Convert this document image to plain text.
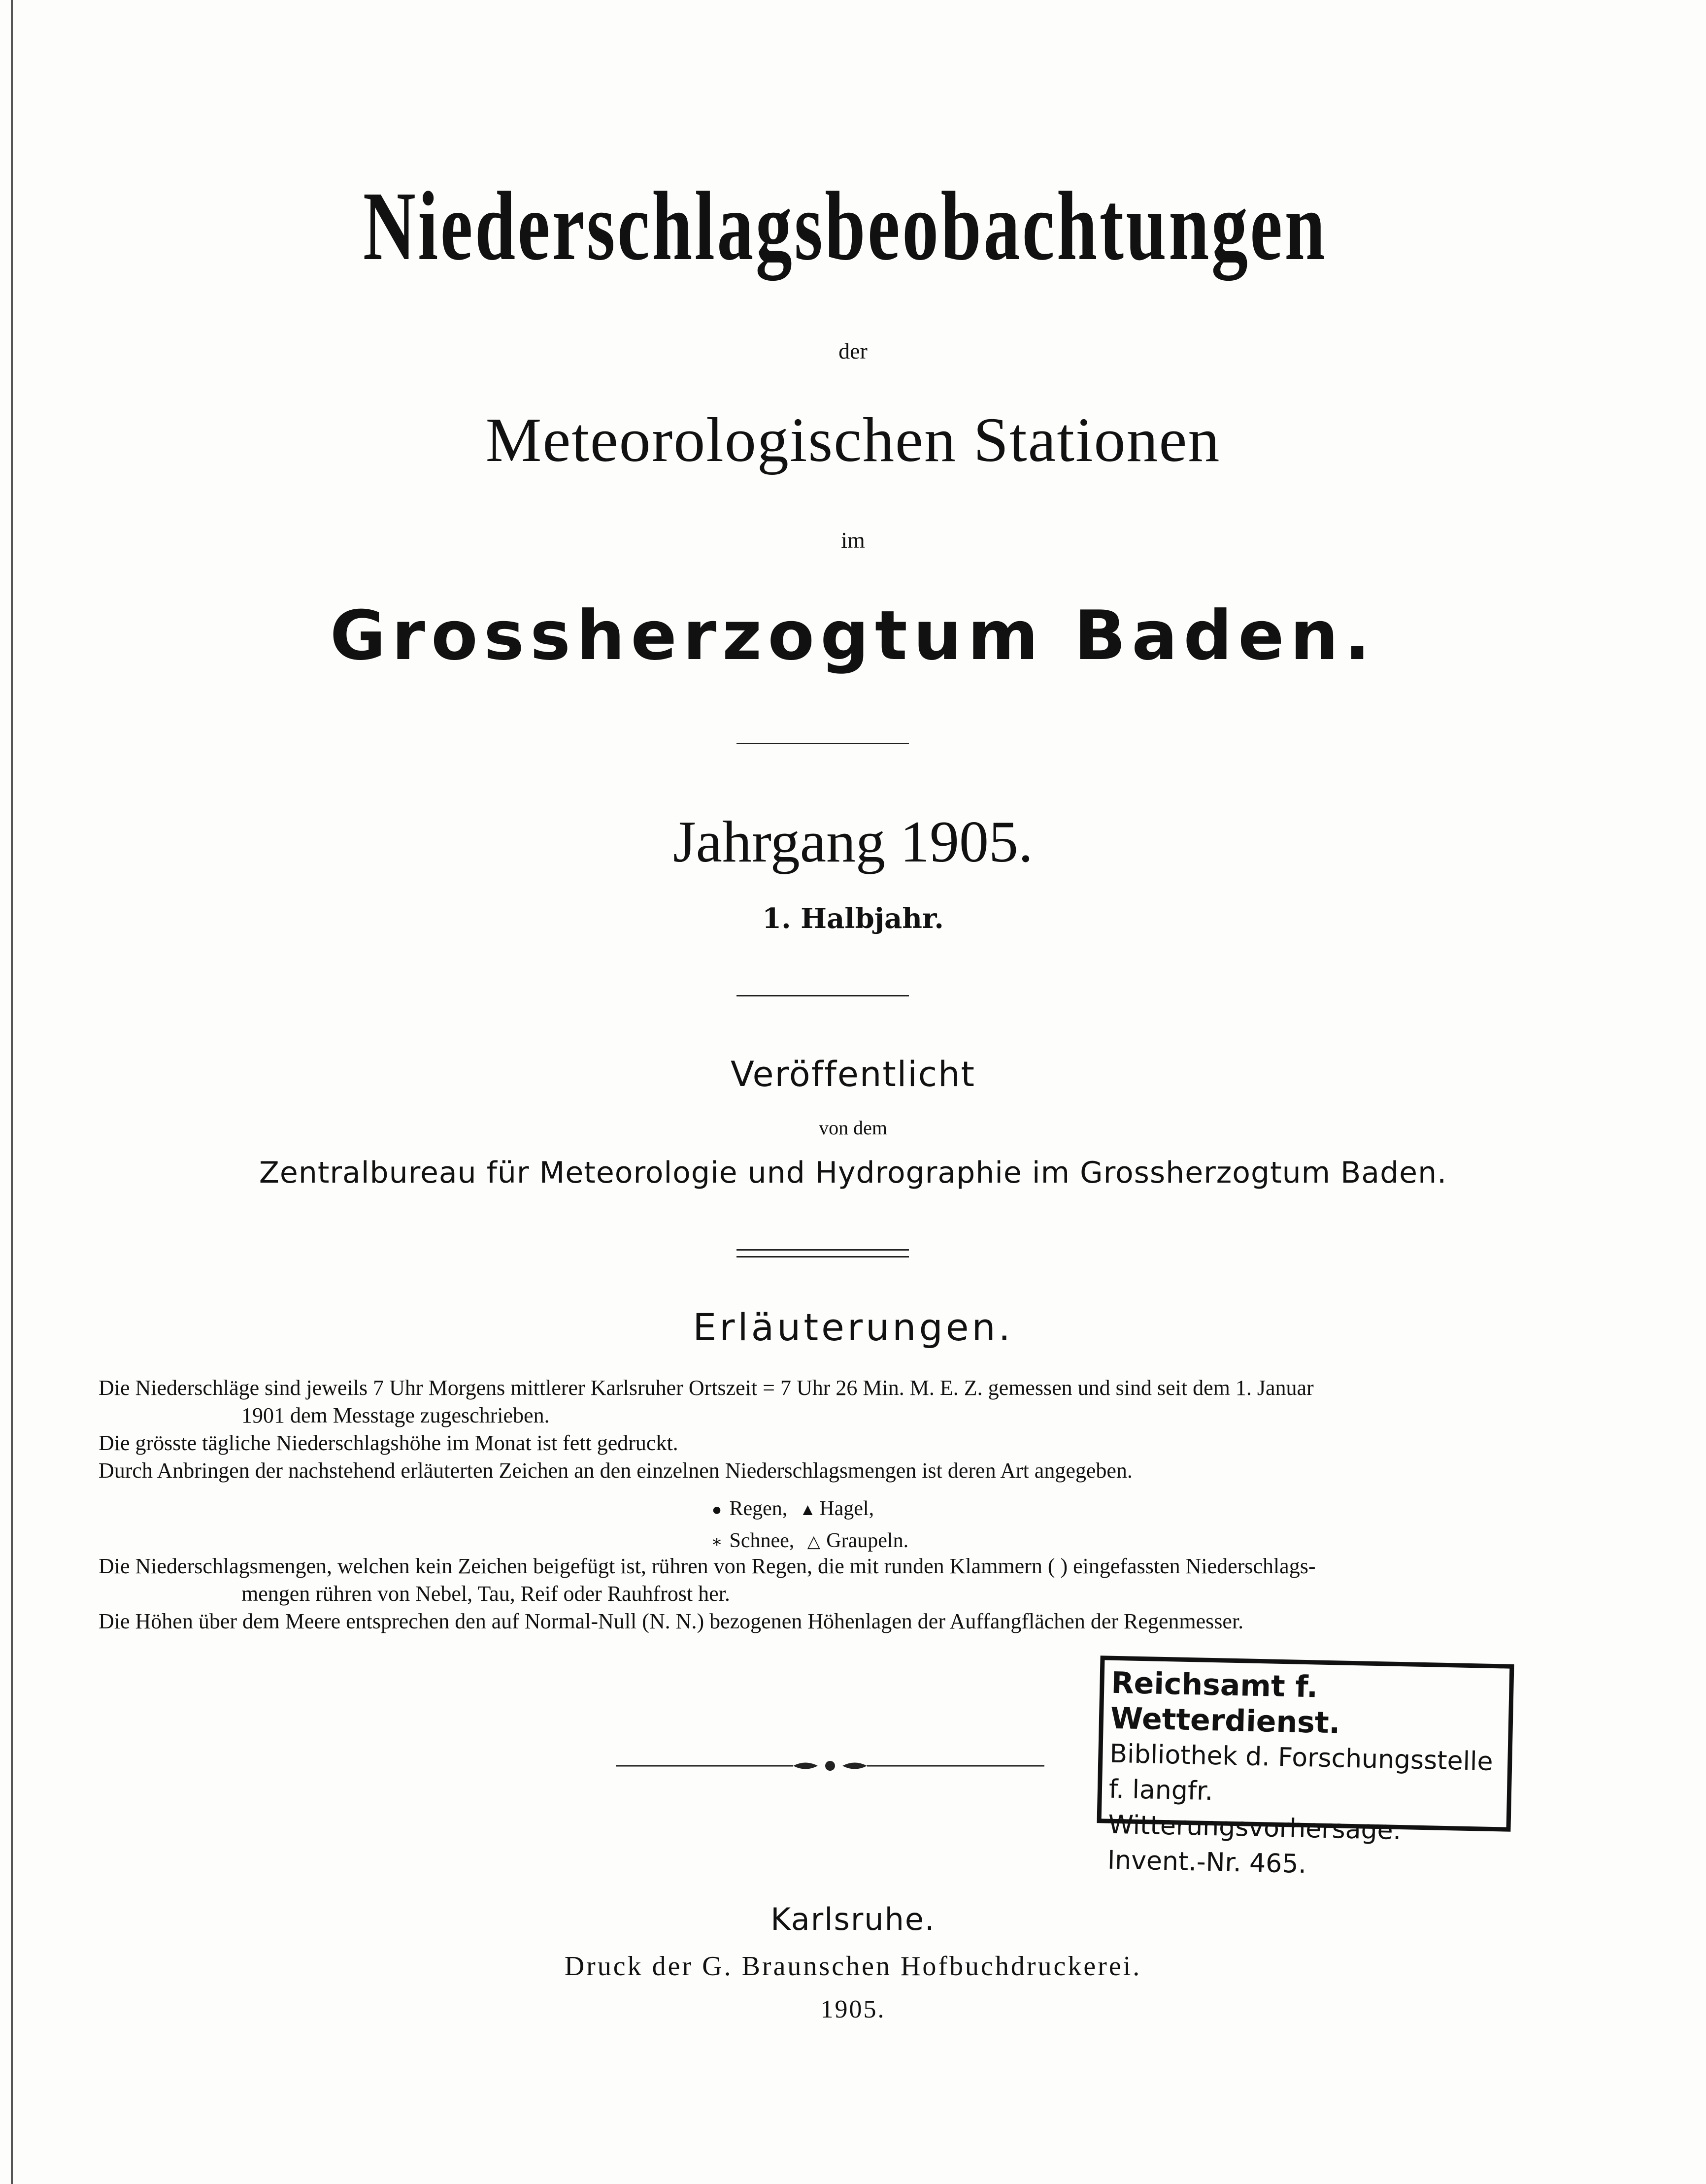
Niederschlagsbeobachtungen
der
Meteorologischen Stationen
im
Grossherzogtum Baden.
Jahrgang 1905.
1. Halbjahr.
Veröffentlicht
von dem
Zentralbureau für Meteorologie und Hydrographie im Grossherzogtum Baden.
Erläuterungen.

Die Niederschläge sind jeweils 7 Uhr Morgens mittlerer Karlsruher Ortszeit = 7 Uhr 26 Min. M. E. Z. gemessen und sind seit dem 1. Januar

1901 dem Messtage zugeschrieben.

Die grösste tägliche Niederschlagshöhe im Monat ist fett gedruckt.

Durch Anbringen der nachstehend erläuterten Zeichen an den einzelnen Niederschlagsmengen ist deren Art angegeben.

● Regen, ▲ Hagel,
∗ Schnee, △ Graupeln.

Die Niederschlagsmengen, welchen kein Zeichen beigefügt ist, rühren von Regen, die mit runden Klammern ( ) eingefassten Niederschlags-

mengen rühren von Nebel, Tau, Reif oder Rauhfrost her.

Die Höhen über dem Meere entsprechen den auf Normal-Null (N. N.) bezogenen Höhenlagen der Auffangflächen der Regenmesser.

Reichsamt f. Wetterdienst.
Bibliothek d. Forschungsstelle
f. langfr. Witterungsvorhersage.
Invent.-Nr. 465.
Karlsruhe.
Druck der G. Braunschen Hofbuchdruckerei.
1905.
